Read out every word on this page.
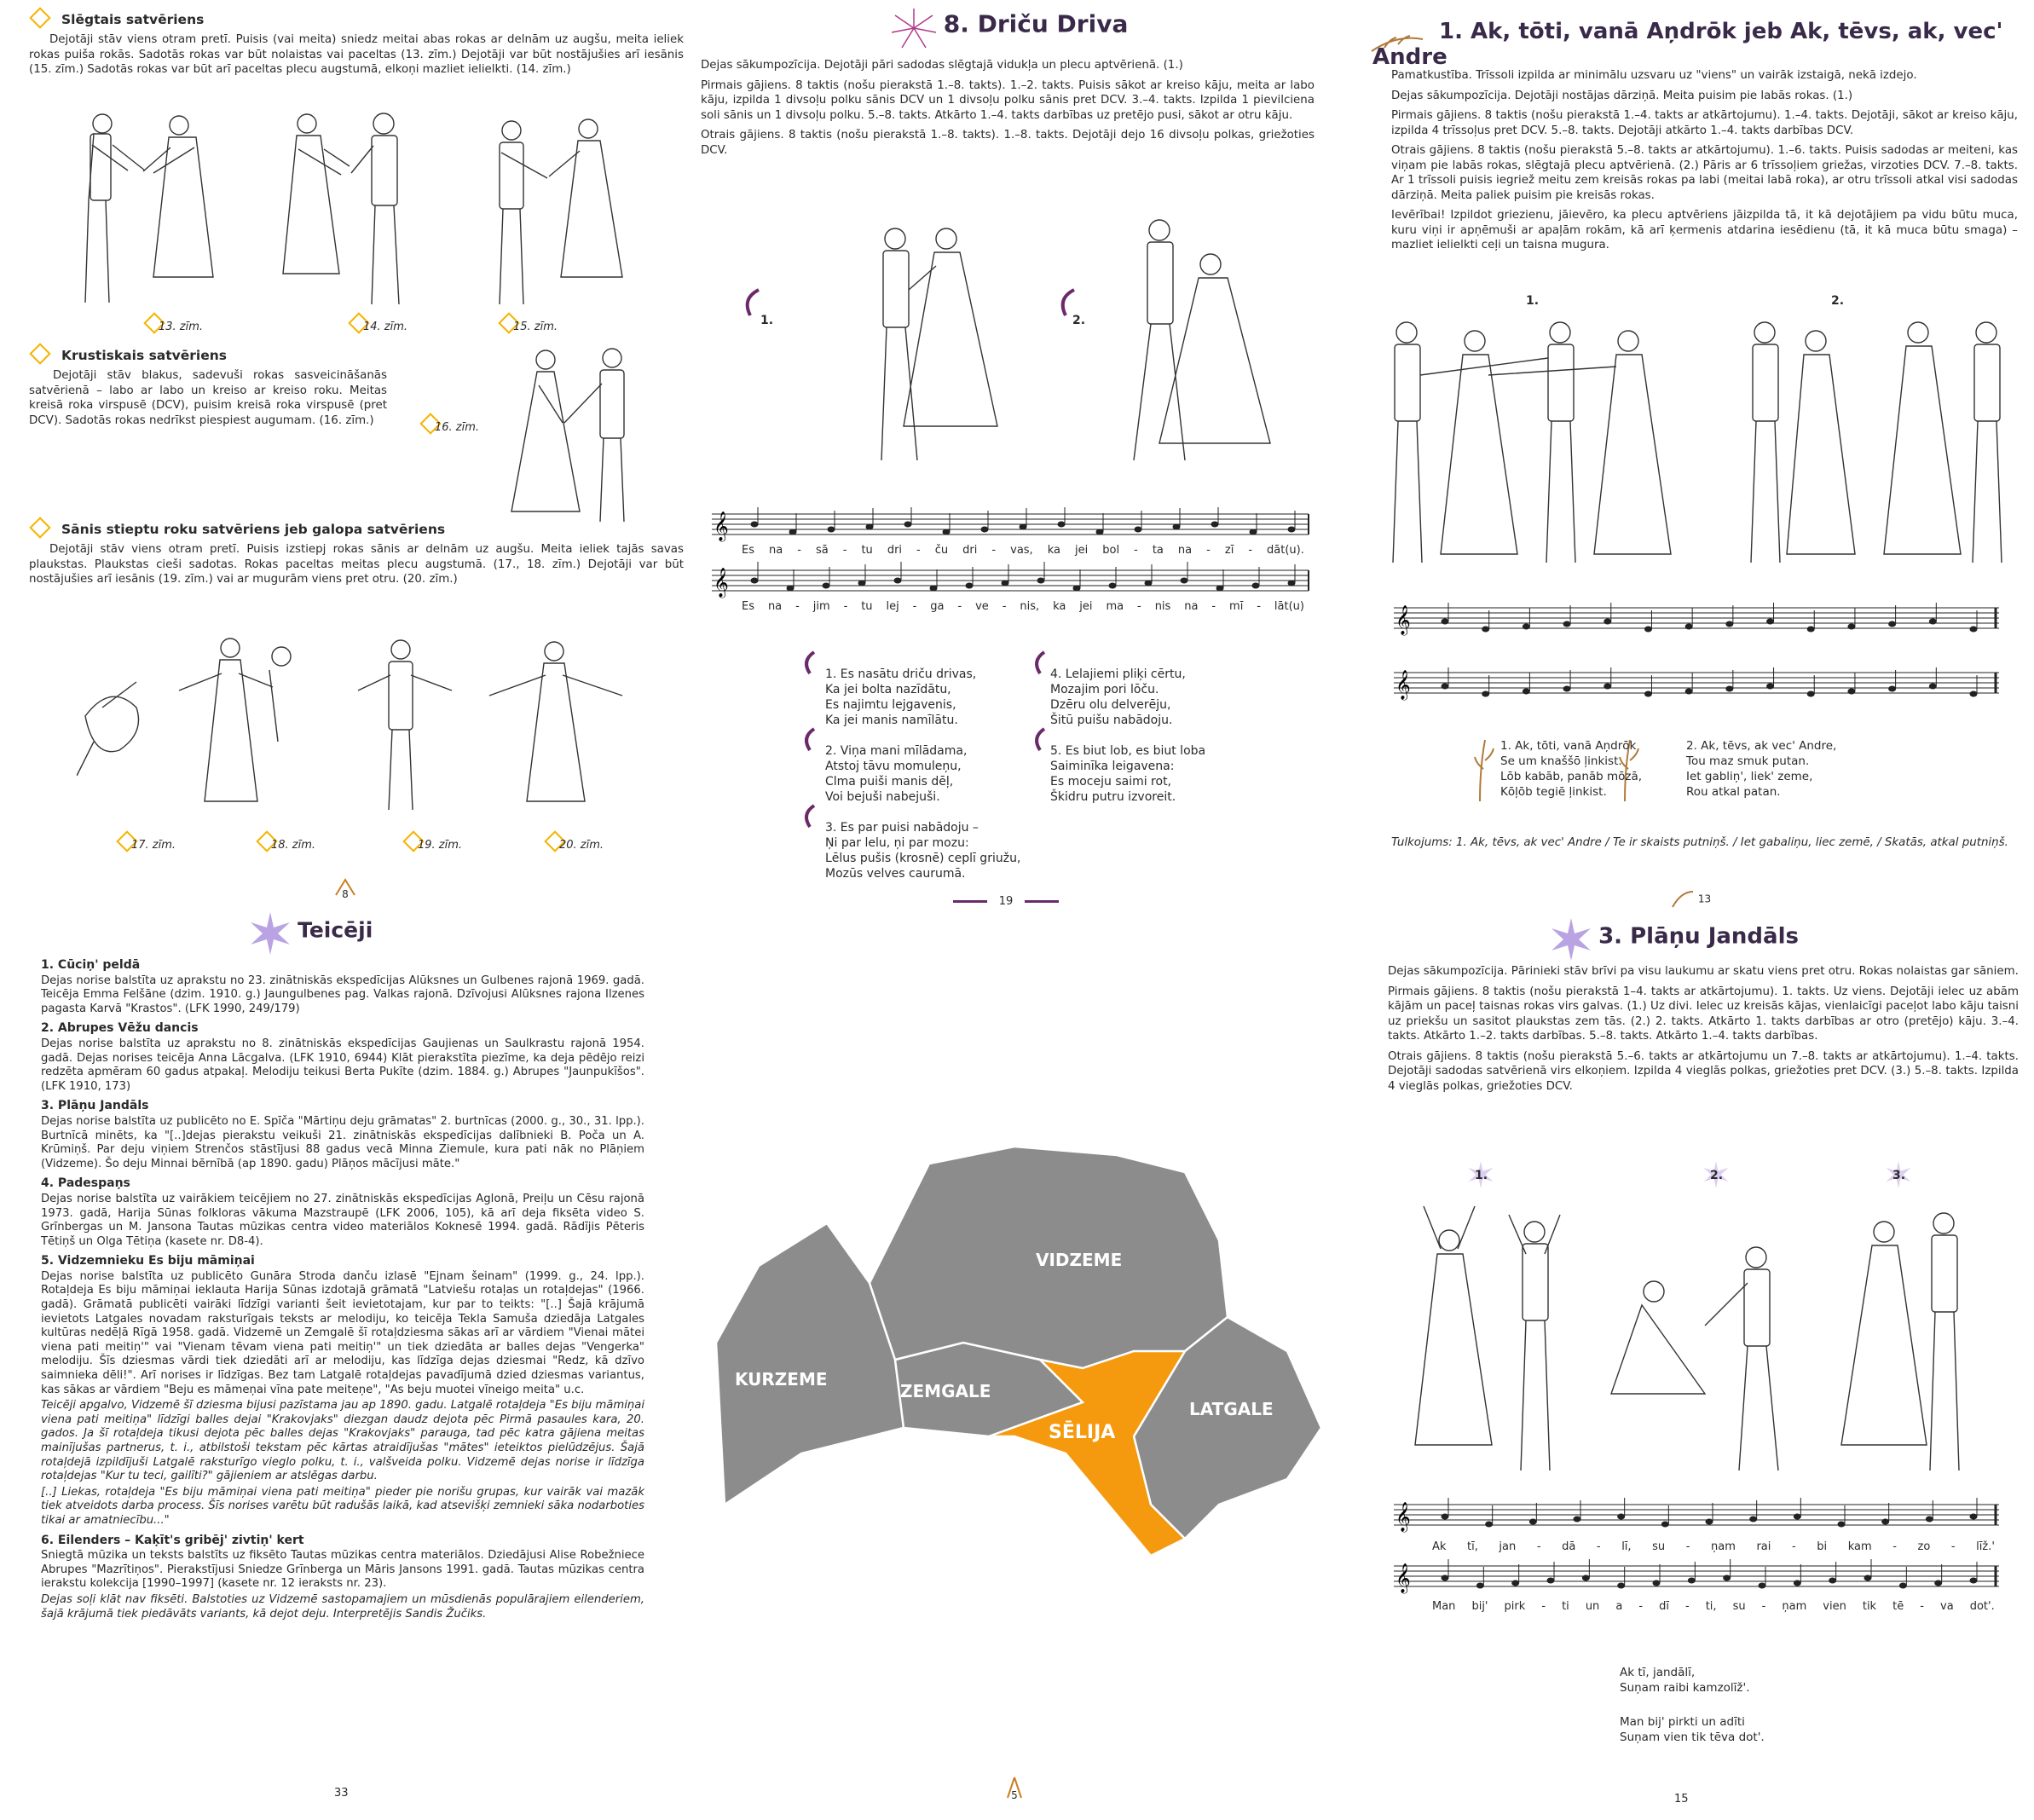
Slēgtais satvēriens

Dejotāji stāv viens otram pretī. Puisis (vai meita) sniedz meitai abas rokas ar delnām uz augšu, meita ieliek rokas puiša rokās. Sadotās rokas var būt nolaistas vai paceltas (13. zīm.) Dejotāji var būt nostājušies arī iesānis (15. zīm.) Sadotās rokas var būt arī paceltas plecu augstumā, elkoņi mazliet ielielkti. (14. zīm.)

13. zīm.	14. zīm.	15. zīm.
Krustiskais satvēriens

Dejotāji stāv blakus, sadevuši rokas sasveicināšanās satvērienā – labo ar labo un kreiso ar kreiso roku. Meitas kreisā roka virspusē (DCV), puisim kreisā roka virspusē (pret DCV). Sadotās rokas nedrīkst piespiest augumam. (16. zīm.)

16. zīm.
Sānis stieptu roku satvēriens jeb galopa satvēriens

Dejotāji stāv viens otram pretī. Puisis izstiepj rokas sānis ar delnām uz augšu. Meita ieliek tajās savas plaukstas. Plaukstas cieši sadotas. Rokas paceltas meitas plecu augstumā. (17., 18. zīm.) Dejotāji var būt nostājušies arī iesānis (19. zīm.) vai ar mugurām viens pret otru. (20. zīm.)

17. zīm.	18. zīm.	19. zīm.	20. zīm.
8
8. Driču Driva

Dejas sākumpozīcija. Dejotāji pāri sadodas slēgtajā vidukļa un plecu aptvērienā. (1.)

Pirmais gājiens. 8 taktis (nošu pierakstā 1.–8. takts). 1.–2. takts. Puisis sākot ar kreiso kāju, meita ar labo kāju, izpilda 1 divsoļu polku sānis DCV un 1 divsoļu polku sānis pret DCV. 3.–4. takts. Izpilda 1 pievilciena soli sānis un 1 divsoļu polku. 5.–8. takts. Atkārto 1.–4. takts darbības uz pretējo pusi, sākot ar otru kāju.

Otrais gājiens. 8 taktis (nošu pierakstā 1.–8. takts). 1.–8. takts. Dejotāji dejo 16 divsoļu polkas, griežoties DCV.

1.	2.
𝄞
𝄞
Es na - sā - tu dri - ču dri - vas, ka jei bol - ta na - zī - dāt(u).
Es na - jim - tu lej - ga - ve - nis, ka jei ma - nis na - mī - lāt(u)
1. Es nasātu driču drivas,
Ka jei bolta nazīdātu,
Es najimtu lejgavenis,
Ka jei manis namīlātu.
2. Viņa mani mīlādama,
Atstoj tāvu momuleņu,
Clma puiši manis dēļ,
Voi bejuši nabejuši.
3. Es par puisi nabādoju –
Ņi par lelu, ņi par mozu:
Lēlus pušis (krosnē) ceplī griužu,
Mozūs velves caurumā.
4. Lelajiemi pliķi cērtu,
Mozajim pori lōču.
Dzēru olu delverēju,
Šitū puišu nabādoju.
5. Es biut lob, es biut loba
Saiminīka leigavena:
Es moceju saimi rot,
Škidru putru izvoreit.
19
1. Ak, tōti, vanā Aņdrōk jeb Ak, tēvs, ak, vec' Andre

Pamatkustība. Trīssoli izpilda ar minimālu uzsvaru uz "viens" un vairāk izstaigā, nekā izdejo.

Dejas sākumpozīcija. Dejotāji nostājas dārziņā. Meita puisim pie labās rokas. (1.)

Pirmais gājiens. 8 taktis (nošu pierakstā 1.–4. takts ar atkārtojumu). 1.–4. takts. Dejotāji, sākot ar kreiso kāju, izpilda 4 trīssoļus pret DCV. 5.–8. takts. Dejotāji atkārto 1.–4. takts darbības DCV.

Otrais gājiens. 8 taktis (nošu pierakstā 5.–8. takts ar atkārtojumu). 1.–6. takts. Puisis sadodas ar meiteni, kas viņam pie labās rokas, slēgtajā plecu aptvērienā. (2.) Pāris ar 6 trīssoļiem griežas, virzoties DCV. 7.–8. takts. Ar 1 trīssoli puisis iegriež meitu zem kreisās rokas pa labi (meitai labā roka), ar otru trīssoli atkal visi sadodas dārziņā. Meita paliek puisim pie kreisās rokas.

Ievērībai! Izpildot griezienu, jāievēro, ka plecu aptvēriens jāizpilda tā, it kā dejotājiem pa vidu būtu muca, kuru viņi ir apņēmuši ar apaļām rokām, kā arī ķermenis atdarina iesēdienu (tā, it kā muca būtu smaga) – mazliet ielielkti ceļi un taisna mugura.

1.	2.
𝄞
𝄞
1. Ak, tōti, vanā Aņdrōk
Se um knaššō ļinkist.
Lōb kabāb, panāb mōzā,
Kōļōb tegiē ļinkist.
2. Ak, tēvs, ak vec' Andre,
Tou maz smuk putan.
Iet gabliņ', liek' zeme,
Rou atkal patan.

Tulkojums: 1. Ak, tēvs, ak vec' Andre / Te ir skaists putniņš. / Iet gabaliņu, liec zemē, / Skatās, atkal putniņš.

13
Teicēji
1. Cūciņ' peldā
Dejas norise balstīta uz aprakstu no 23. zinātniskās ekspedīcijas Alūksnes un Gulbenes rajonā 1969. gadā. Teicēja Emma Felšāne (dzim. 1910. g.) Jaungulbenes pag. Valkas rajonā. Dzīvojusi Alūksnes rajona Ilzenes pagasta Karvā "Krastos". (LFK 1990, 249/179)
2. Abrupes Vēžu dancis
Dejas norise balstīta uz aprakstu no 8. zinātniskās ekspedīcijas Gaujienas un Saulkrastu rajonā 1954. gadā. Dejas norises teicēja Anna Lācgalva. (LFK 1910, 6944) Klāt pierakstīta piezīme, ka deja pēdējo reizi redzēta apmēram 60 gadus atpakaļ. Melodiju teikusi Berta Pukīte (dzim. 1884. g.) Abrupes "Jaunpukīšos". (LFK 1910, 173)
3. Plāņu Jandāls
Dejas norise balstīta uz publicēto no E. Spīča "Mārtiņu deju grāmatas" 2. burtnīcas (2000. g., 30., 31. lpp.). Burtnīcā minēts, ka "[..]dejas pierakstu veikuši 21. zinātniskās ekspedīcijas dalībnieki B. Poča un A. Krūmiņš. Par deju viņiem Strenčos stāstījusi 88 gadus vecā Minna Ziemule, kura pati nāk no Plāņiem (Vidzeme). Šo deju Minnai bērnībā (ap 1890. gadu) Plāņos mācījusi māte."
4. Padespaņs
Dejas norise balstīta uz vairākiem teicējiem no 27. zinātniskās ekspedīcijas Aglonā, Preiļu un Cēsu rajonā 1973. gadā, Harija Sūnas folkloras vākuma Mazstraupē (LFK 2006, 105), kā arī deja fiksēta video S. Grīnbergas un M. Jansona Tautas mūzikas centra video materiālos Koknesē 1994. gadā. Rādījis Pēteris Tētiņš un Olga Tētiņa (kasete nr. D8-4).
5. Vidzemnieku Es biju māmiņai
Dejas norise balstīta uz publicēto Gunāra Stroda danču izlasē "Ejnam šeinam" (1999. g., 24. lpp.). Rotaļdeja Es biju māmiņai ieklauta Harija Sūnas izdotajā grāmatā "Latviešu rotaļas un rotaļdejas" (1966. gadā). Grāmatā publicēti vairāki līdzīgi varianti šeit ievietotajam, kur par to teikts: "[..] Šajā krājumā ievietots Latgales novadam raksturīgais teksts ar melodiju, ko teicēja Tekla Samuša dziedāja Latgales kultūras nedēļā Rīgā 1958. gadā. Vidzemē un Zemgalē šī rotaļdziesma sākas arī ar vārdiem "Vienai mātei viena pati meitiņ'" vai "Vienam tēvam viena pati meitiņ'" un tiek dziedāta ar balles dejas "Vengerka" melodiju. Šīs dziesmas vārdi tiek dziedāti arī ar melodiju, kas līdzīga dejas dziesmai "Redz, kā dzīvo saimnieka dēli!". Arī norises ir līdzīgas. Bez tam Latgalē rotaļdejas pavadījumā dzied dziesmas variantus, kas sākas ar vārdiem "Beju es māmeņai vīna pate meiteņe", "As beju muotei vīneigo meita" u.c.
Teicēji apgalvo, Vidzemē šī dziesma bijusi pazīstama jau ap 1890. gadu. Latgalē rotaļdeja "Es biju māmiņai viena pati meitiņa" līdzīgi balles dejai "Krakovjaks" diezgan daudz dejota pēc Pirmā pasaules kara, 20. gados. Ja šī rotaļdeja tikusi dejota pēc balles dejas "Krakovjaks" parauga, tad pēc katra gājiena meitas mainījušas partnerus, t. i., atbilstoši tekstam pēc kārtas atraidījušas "mātes" ieteiktos pielūdzējus. Šajā rotaļdejā izpildījuši Latgalē raksturīgo vieglo polku, t. i., valšveida polku. Vidzemē dejas norise ir līdzīga rotaļdejas "Kur tu teci, gailīti?" gājieniem ar atslēgas darbu.
[..] Liekas, rotaļdeja "Es biju māmiņai viena pati meitiņa" pieder pie norišu grupas, kur vairāk vai mazāk tiek atveidots darba process. Šīs norises varētu būt radušās laikā, kad atsevišķi zemnieki sāka nodarboties tikai ar amatniecību..."
6. Eilenders – Kaķīt's gribēj' zivtiņ' kert
Sniegtā mūzika un teksts balstīts uz fiksēto Tautas mūzikas centra materiālos. Dziedājusi Alise Robežniece Abrupes "Mazrītiņos". Pierakstījusi Sniedze Grīnberga un Māris Jansons 1991. gadā. Tautas mūzikas centra ierakstu kolekcija [1990–1997] (kasete nr. 12 ieraksts nr. 23).
Dejas soļi klāt nav fiksēti. Balstoties uz Vidzemē sastopamajiem un mūsdienās populārajiem eilenderiem, šajā krājumā tiek piedāvāts variants, kā dejot deju. Interpretējis Sandis Žučiks.
33
KURZEME
ZEMGALE
VIDZEME
LATGALE
SĒLIJA
5
3. Plāņu Jandāls

Dejas sākumpozīcija. Pārinieki stāv brīvi pa visu laukumu ar skatu viens pret otru. Rokas nolaistas gar sāniem.

Pirmais gājiens. 8 taktis (nošu pierakstā 1–4. takts ar atkārtojumu). 1. takts. Uz viens. Dejotāji ielec uz abām kājām un paceļ taisnas rokas virs galvas. (1.) Uz divi. Ielec uz kreisās kājas, vienlaicīgi paceļot labo kāju taisni uz priekšu un sasitot plaukstas zem tās. (2.) 2. takts. Atkārto 1. takts darbības ar otro (pretējo) kāju. 3.–4. takts. Atkārto 1.–2. takts darbības. 5.–8. takts. Atkārto 1.–4. takts darbības.

Otrais gājiens. 8 taktis (nošu pierakstā 5.–6. takts ar atkārtojumu un 7.–8. takts ar atkārtojumu). 1.–4. takts. Dejotāji sadodas satvērienā virs elkoņiem. Izpilda 4 vieglās polkas, griežoties pret DCV. (3.) 5.–8. takts. Izpilda 4 vieglās polkas, griežoties DCV.

1.	2.	3.
𝄞
𝄞
Ak tī, jan - dā - lī, su - ņam rai - bi kam - zo - līž.'
Man bij' pirk - ti un a - dī - ti, su - ņam vien tik tē - va dot'.
Ak tī, jandālī,
Suņam raibi kamzolīž'.
Man bij' pirkti un adīti
Suņam vien tik tēva dot'.
15
